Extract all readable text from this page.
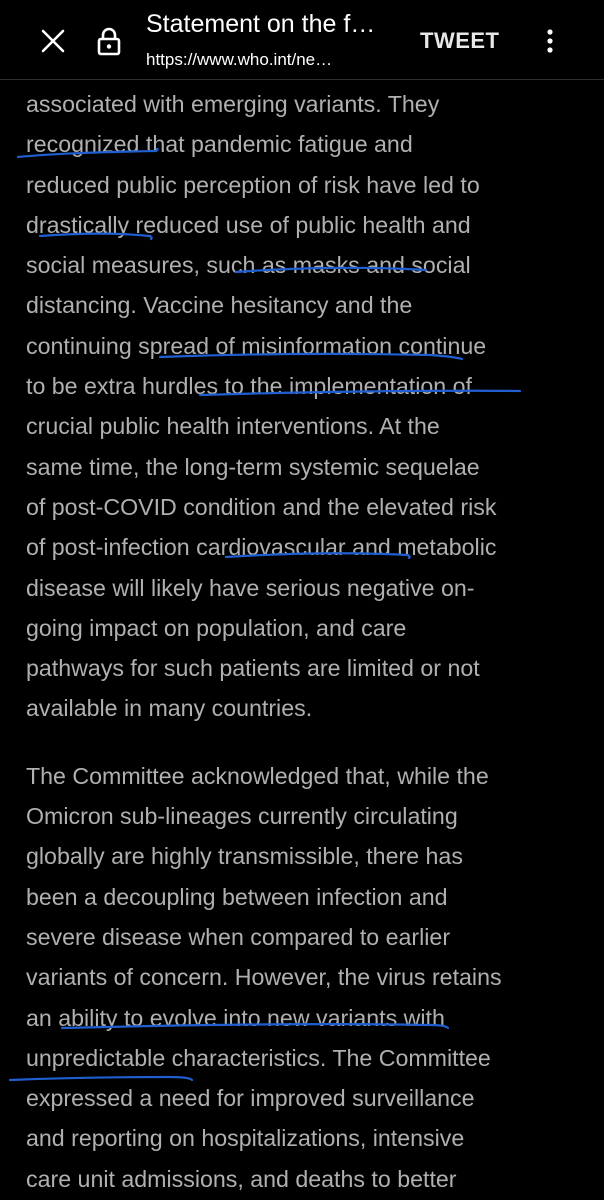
Statement on the f…
https://www.who.int/ne…
TWEET
associated with emerging variants. They
recognized that pandemic fatigue and
reduced public perception of risk have led to
drastically reduced use of public health and
social measures, such as masks and social
distancing. Vaccine hesitancy and the
continuing spread of misinformation continue
to be extra hurdles to the implementation of
crucial public health interventions. At the
same time, the long-term systemic sequelae
of post-COVID condition and the elevated risk
of post-infection cardiovascular and metabolic
disease will likely have serious negative on-
going impact on population, and care
pathways for such patients are limited or not
available in many countries.
The Committee acknowledged that, while the
Omicron sub-lineages currently circulating
globally are highly transmissible, there has
been a decoupling between infection and
severe disease when compared to earlier
variants of concern. However, the virus retains
an ability to evolve into new variants with
unpredictable characteristics. The Committee
expressed a need for improved surveillance
and reporting on hospitalizations, intensive
care unit admissions, and deaths to better
